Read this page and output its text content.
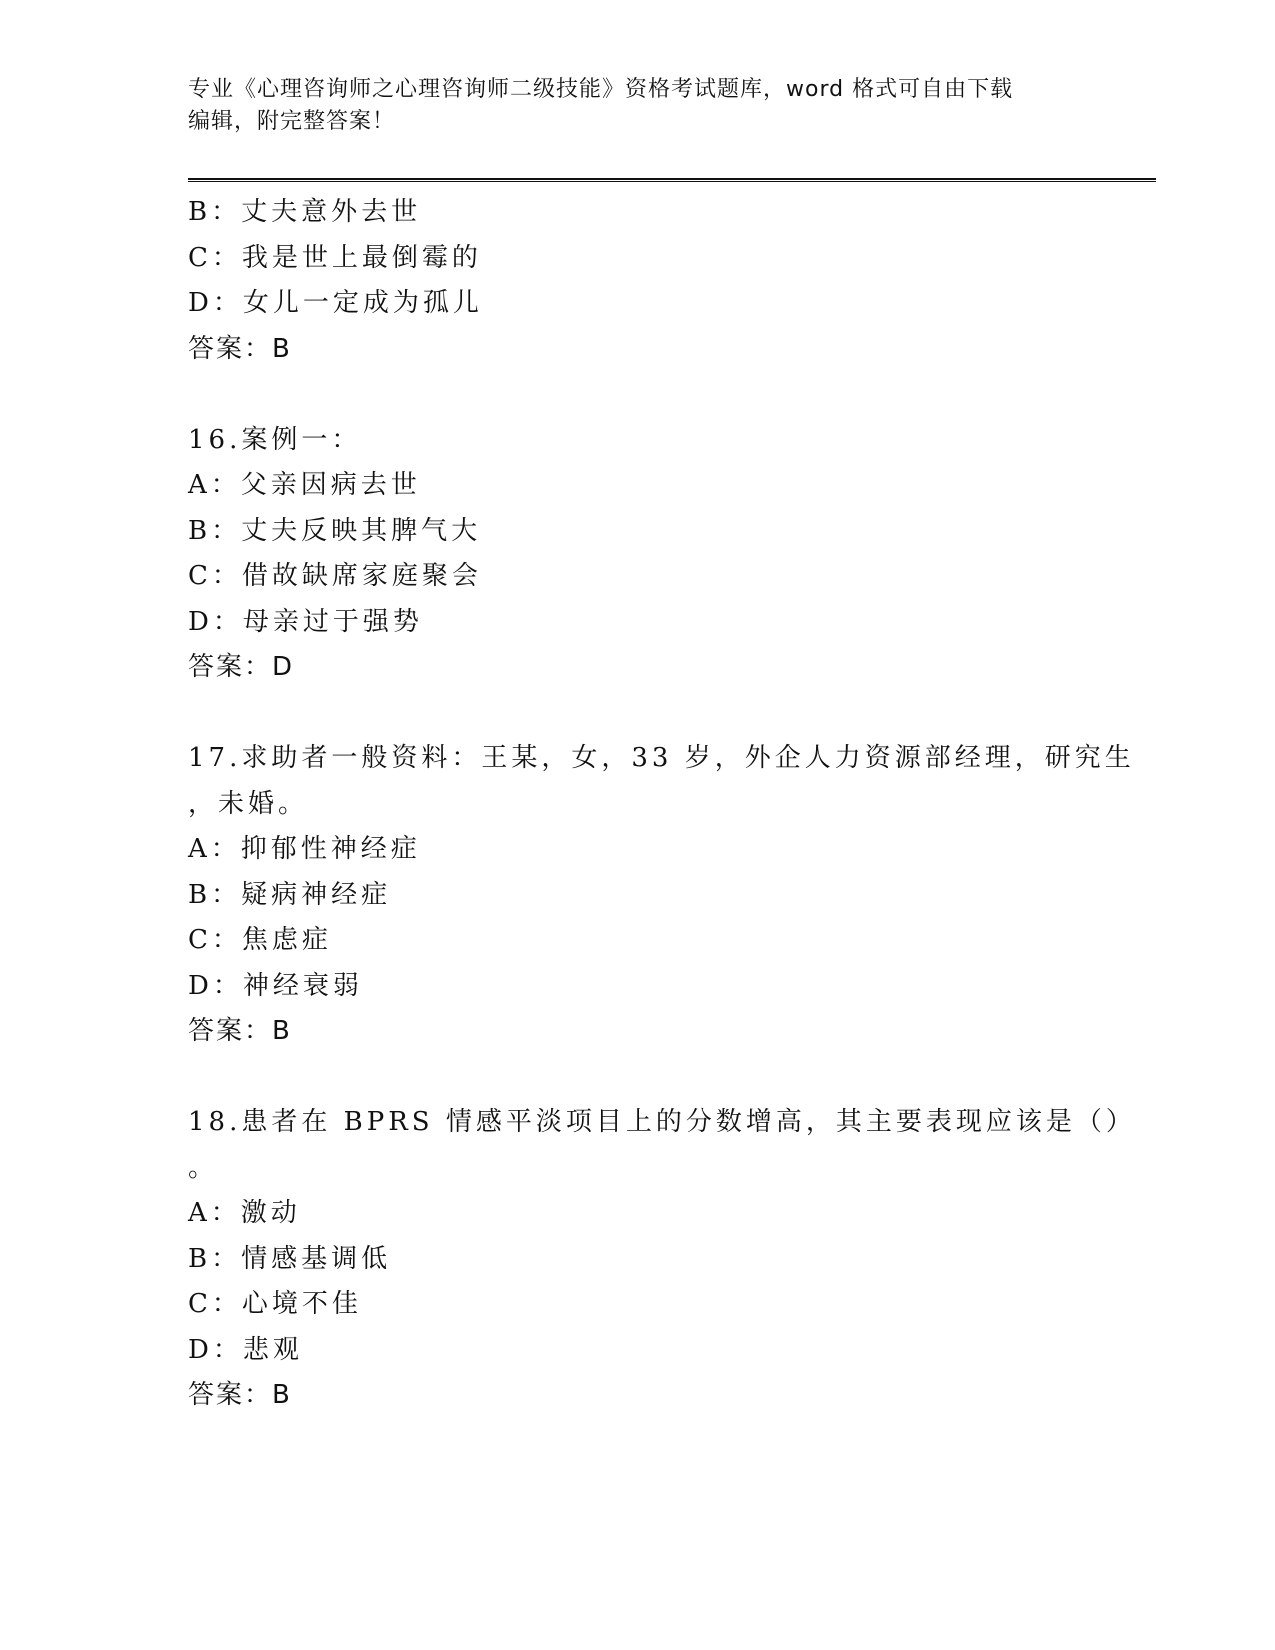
专业《心理咨询师之心理咨询师二级技能》资格考试题库，word 格式可自由下载
编辑，附完整答案！
B：丈夫意外去世
C：我是世上最倒霉的
D：女儿一定成为孤儿
答案：B
16.案例一：
A：父亲因病去世
B：丈夫反映其脾气大
C：借故缺席家庭聚会
D：母亲过于强势
答案：D
17.求助者一般资料：王某，女，33 岁，外企人力资源部经理，研究生
，未婚。
A：抑郁性神经症
B：疑病神经症
C：焦虑症
D：神经衰弱
答案：B
18.患者在 BPRS 情感平淡项目上的分数增高，其主要表现应该是（）
。
A：激动
B：情感基调低
C：心境不佳
D：悲观
答案：B
